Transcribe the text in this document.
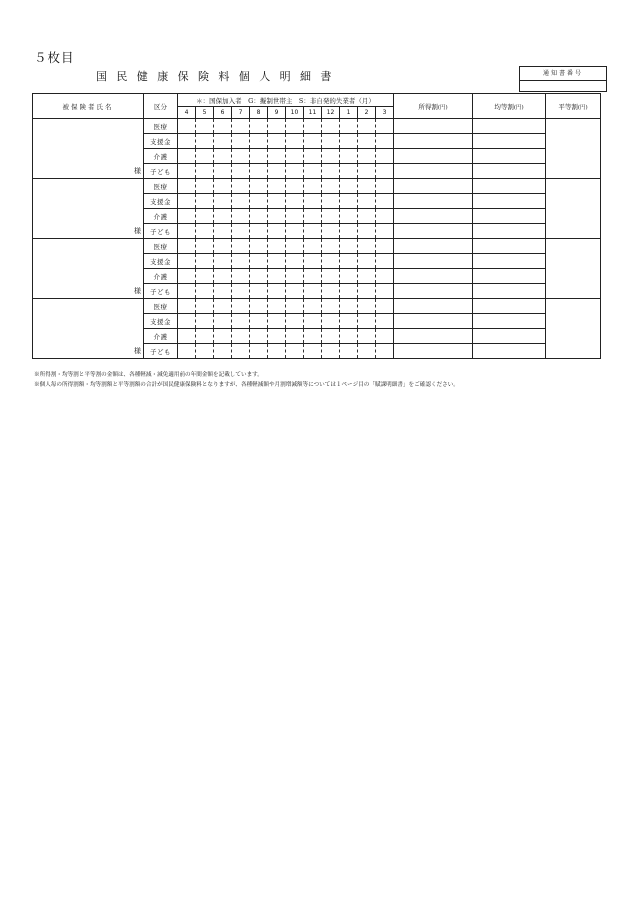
５枚目
国民健康保険料個人明細書	通知書番号
被保険者氏名	区分	＊：国保加入者　G：擬制世帯主　S：非自発的失業者（月）												所得割(円)	均等割(円)	平等割(円)
		4	5	6	7	8	9	10	11	12	1	2	3			
様	医療															
	支援金															
	介護															
	子ども															
様	医療															
	支援金															
	介護															
	子ども															
様	医療															
	支援金															
	介護															
	子ども															
様	医療															
	支援金															
	介護															
	子ども															
※所得割・均等割と平等割の金額は、各種軽減・減免適用前の年間金額を記載しています。
※個人毎の所得割額・均等割額と平等割額の合計が国民健康保険料となりますが、各種軽減額や月割増減額等については１ページ目の「賦課明細書」をご確認ください。
